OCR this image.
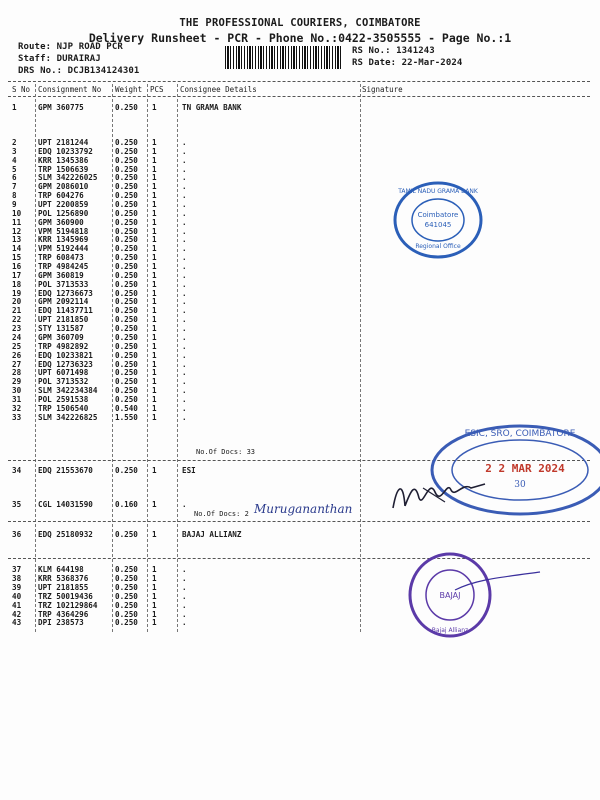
THE PROFESSIONAL COURIERS, COIMBATORE
Delivery Runsheet - PCR - Phone No.:0422-3505555 - Page No.:1
Route: NJP ROAD PCR
Staff: DURAIRAJ
DRS No.: DCJB134124301
RS No.: 1341243
RS Date: 22-Mar-2024
S No Consignment No Weight PCS Consignee Details	Signature
1	GPM 360775	0.250 1	TN GRAMA BANK
2	UPT 2181244	0.250 1	.
3	EDQ 10233792	0.250 1	.
4	KRR 1345386	0.250 1	.
5	TRP 1506639	0.250 1	.
6	SLM 342226025 0.250 1	.
7	GPM 2086010	0.250 1	.
8	TRP 604276	0.250 1	.
9	UPT 2200859	0.250 1	.
10 POL 1256890	0.250 1	.
11 GPM 360900	0.250 1	.
12 VPM 5194818	0.250 1	.
13 KRR 1345969	0.250 1	.
14 VPM 5192444	0.250 1	.
15 TRP 608473	0.250 1	.
16 TRP 4984245	0.250 1	.
17 GPM 360819	0.250 1	.
18 POL 3713533	0.250 1	.
19 EDQ 12736673	0.250 1	.
20 GPM 2092114	0.250 1	.
21 EDQ 11437711	0.250 1	.
22 UPT 2181850	0.250 1	.
23 STY 131587	0.250 1	.
24 GPM 360709	0.250 1	.
25 TRP 4982892	0.250 1	.
26 EDQ 10233821	0.250 1	.
27 EDQ 12736323	0.250 1	.
28 UPT 6071498	0.250 1	.
29 POL 3713532	0.250 1	.
30 SLM 342234384 0.250 1	.
31 POL 2591538	0.250 1	.
32 TRP 1506540	0.540 1	.
33 SLM 342226825 1.550 1	.
34 EDQ 21553670	0.250 1	ESI
35 CGL 14031590	0.160 1	.
36 EDQ 25180932	0.250 1	BAJAJ ALLIANZ
37 KLM 644198	0.250 1	.
38 KRR 5368376	0.250 1	.
39 UPT 2181855	0.250 1	.
40 TRZ 50019436	0.250 1	.
41 TRZ 102129864 0.250 1	.
42 TRP 4364296	0.250 1	.
43 DPI 238573	0.250 1	.
No.Of Docs: 33
No.Of Docs: 2 Murugananthan
Coimbatore
641045
Regional Office
TAMIL NADU GRAMA BANK
ESIC, SRO, COIMBATORE
2 2 MAR 2024
30
BAJAJ
Bajaj Allianz
